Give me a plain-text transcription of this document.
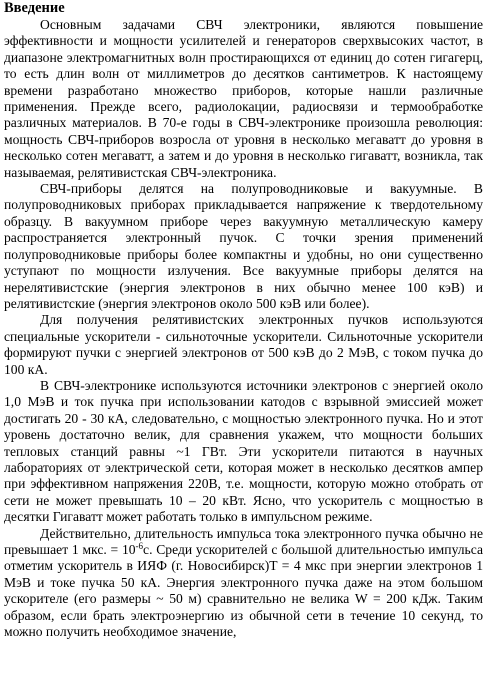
Введение

Основным задачами СВЧ электроники, являются повышение эффективности и мощности усилителей и генераторов сверхвысоких частот, в диапазоне электромагнитных волн простирающихся от единиц до сотен гигагерц, то есть длин волн от миллиметров до десятков сантиметров. К настоящему времени разработано множество приборов, которые нашли различные применения. Прежде всего, радиолокации, радиосвязи и термообработке различных материалов. В 70-е годы в СВЧ-электронике произошла революция: мощность СВЧ-приборов возросла от уровня в несколько мегаватт до уровня в несколько сотен мегаватт, а затем и до уровня в несколько гигаватт, возникла, так называемая, релятивистская СВЧ-электроника.

СВЧ-приборы делятся на полупроводниковые и вакуумные. В полупроводниковых приборах прикладывается напряжение к твердотельному образцу. В вакуумном приборе через вакуумную металлическую камеру распространяется электронный пучок. С точки зрения применений полупроводниковые приборы более компактны и удобны, но они существенно уступают по мощности излучения. Все вакуумные приборы делятся на нерелятивистские (энергия электронов в них обычно менее 100 кэВ) и релятивистские (энергия электронов около 500 кэВ или более).

Для получения релятивистских электронных пучков используются специальные ускорители - сильноточные ускорители. Сильноточные ускорители формируют пучки с энергией электронов от 500 кэВ до 2 МэВ, с током пучка до 100 кА.

В СВЧ-электронике используются источники электронов с энергией около 1,0 МэВ и ток пучка при использовании катодов с взрывной эмиссией может достигать 20 - 30 кА, следовательно, с мощностью электронного пучка. Но и этот уровень достаточно велик, для сравнения укажем, что мощности больших тепловых станций равны ~1 ГВт. Эти ускорители питаются в научных лабораториях от электрической сети, которая может в несколько десятков ампер при эффективном напряжения 220В, т.е. мощности, которую можно отобрать от сети не может превышать 10 – 20 кВт. Ясно, что ускоритель с мощностью в десятки Гигаватт может работать только в импульсном режиме.

Действительно, длительность импульса тока электронного пучка обычно не превышает 1 мкс. = $10^{-6}с$. Среди ускорителей с большой длительностью импульса отметим ускоритель в ИЯФ (г. Новосибирск)T = 4 мкс при энергии электронов 1 МэВ и токе пучка 50 кА. Энергия электронного пучка даже на этом большом ускорителе (его размеры ~ 50 м) сравнительно не велика W = 200 кДж. Таким образом, если брать электроэнергию из обычной сети в течение 10 секунд, то можно получить необходимое значение,
